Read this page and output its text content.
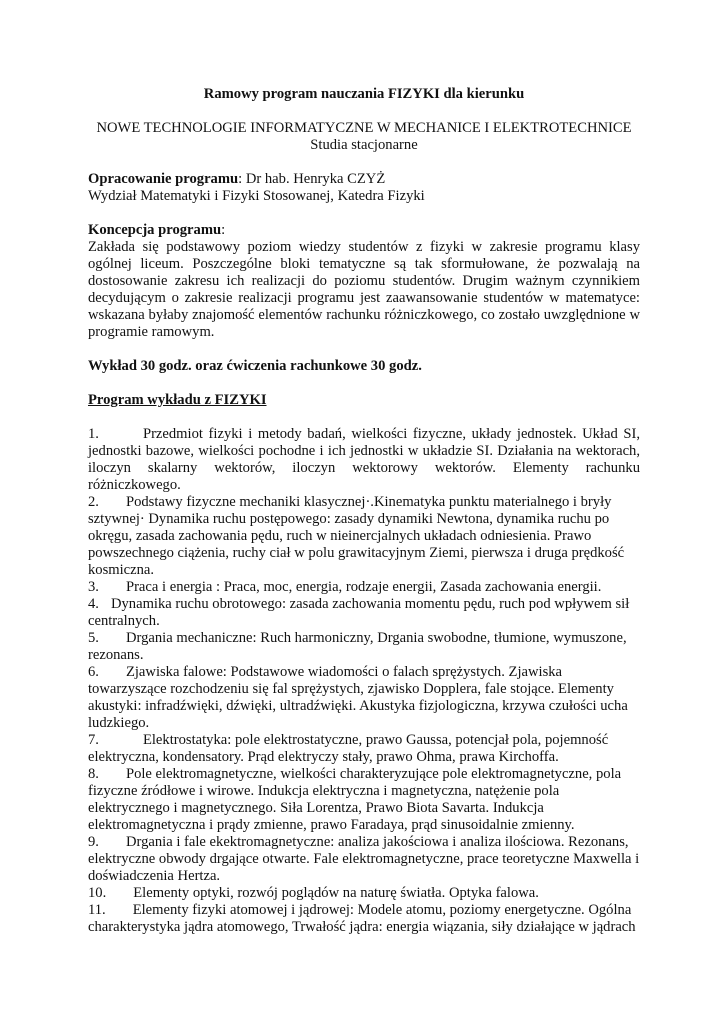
Ramowy program nauczania FIZYKI dla kierunku

NOWE TECHNOLOGIE INFORMATYCZNE W MECHANICE I ELEKTROTECHNICE

Studia stacjonarne

Opracowanie programu: Dr hab. Henryka CZYŻ

Wydział Matematyki i Fizyki Stosowanej, Katedra Fizyki

Koncepcja programu:

Zakłada się podstawowy poziom wiedzy studentów z fizyki w zakresie programu klasy ogólnej liceum. Poszczególne bloki tematyczne są tak sformułowane, że pozwalają na dostosowanie zakresu ich realizacji do poziomu studentów. Drugim ważnym czynnikiem decydującym o zakresie realizacji programu jest zaawansowanie studentów w matematyce: wskazana byłaby znajomość elementów rachunku różniczkowego, co zostało uwzględnione w programie ramowym.

Wykład 30 godz. oraz ćwiczenia rachunkowe 30 godz.

Program wykładu z FIZYKI

1.	Przedmiot fizyki i metody badań, wielkości fizyczne, układy jednostek. Układ SI, jednostki bazowe, wielkości pochodne i ich jednostki w układzie SI. Działania na wektorach, iloczyn skalarny wektorów, iloczyn wektorowy wektorów. Elementy rachunku różniczkowego.

2. Podstawy fizyczne mechaniki klasycznej·.Kinematyka punktu materialnego i bryły sztywnej· Dynamika ruchu postępowego: zasady dynamiki Newtona, dynamika ruchu po okręgu, zasada zachowania pędu, ruch w nieinercjalnych układach odniesienia. Prawo powszechnego ciążenia, ruchy ciał w polu grawitacyjnym Ziemi, pierwsza i druga prędkość kosmiczna.

3. Praca i energia : Praca, moc, energia, rodzaje energii, Zasada zachowania energii.

4. Dynamika ruchu obrotowego: zasada zachowania momentu pędu, ruch pod wpływem sił centralnych.

5. Drgania mechaniczne: Ruch harmoniczny, Drgania swobodne, tłumione, wymuszone, rezonans.

6. Zjawiska falowe: Podstawowe wiadomości o falach sprężystych. Zjawiska towarzyszące rozchodzeniu się fal sprężystych, zjawisko Dopplera, fale stojące. Elementy akustyki: infradźwięki, dźwięki, ultradźwięki. Akustyka fizjologiczna, krzywa czułości ucha ludzkiego.

7.	Elektrostatyka: pole elektrostatyczne, prawo Gaussa, potencjał pola, pojemność elektryczna, kondensatory. Prąd elektryczy stały, prawo Ohma, prawa Kirchoffa.

8. Pole elektromagnetyczne, wielkości charakteryzujące pole elektromagnetyczne, pola fizyczne źródłowe i wirowe. Indukcja elektryczna i magnetyczna, natężenie pola elektrycznego i magnetycznego. Siła Lorentza, Prawo Biota Savarta. Indukcja elektromagnetyczna i prądy zmienne, prawo Faradaya, prąd sinusoidalnie zmienny.

9. Drgania i fale ekektromagnetyczne: analiza jakościowa i analiza ilościowa. Rezonans, elektryczne obwody drgające otwarte. Fale elektromagnetyczne, prace teoretyczne Maxwella i doświadczenia Hertza.

10. Elementy optyki, rozwój poglądów na naturę światła. Optyka falowa.

11. Elementy fizyki atomowej i jądrowej: Modele atomu, poziomy energetyczne. Ogólna charakterystyka jądra atomowego, Trwałość jądra: energia wiązania, siły działające w jądrach
